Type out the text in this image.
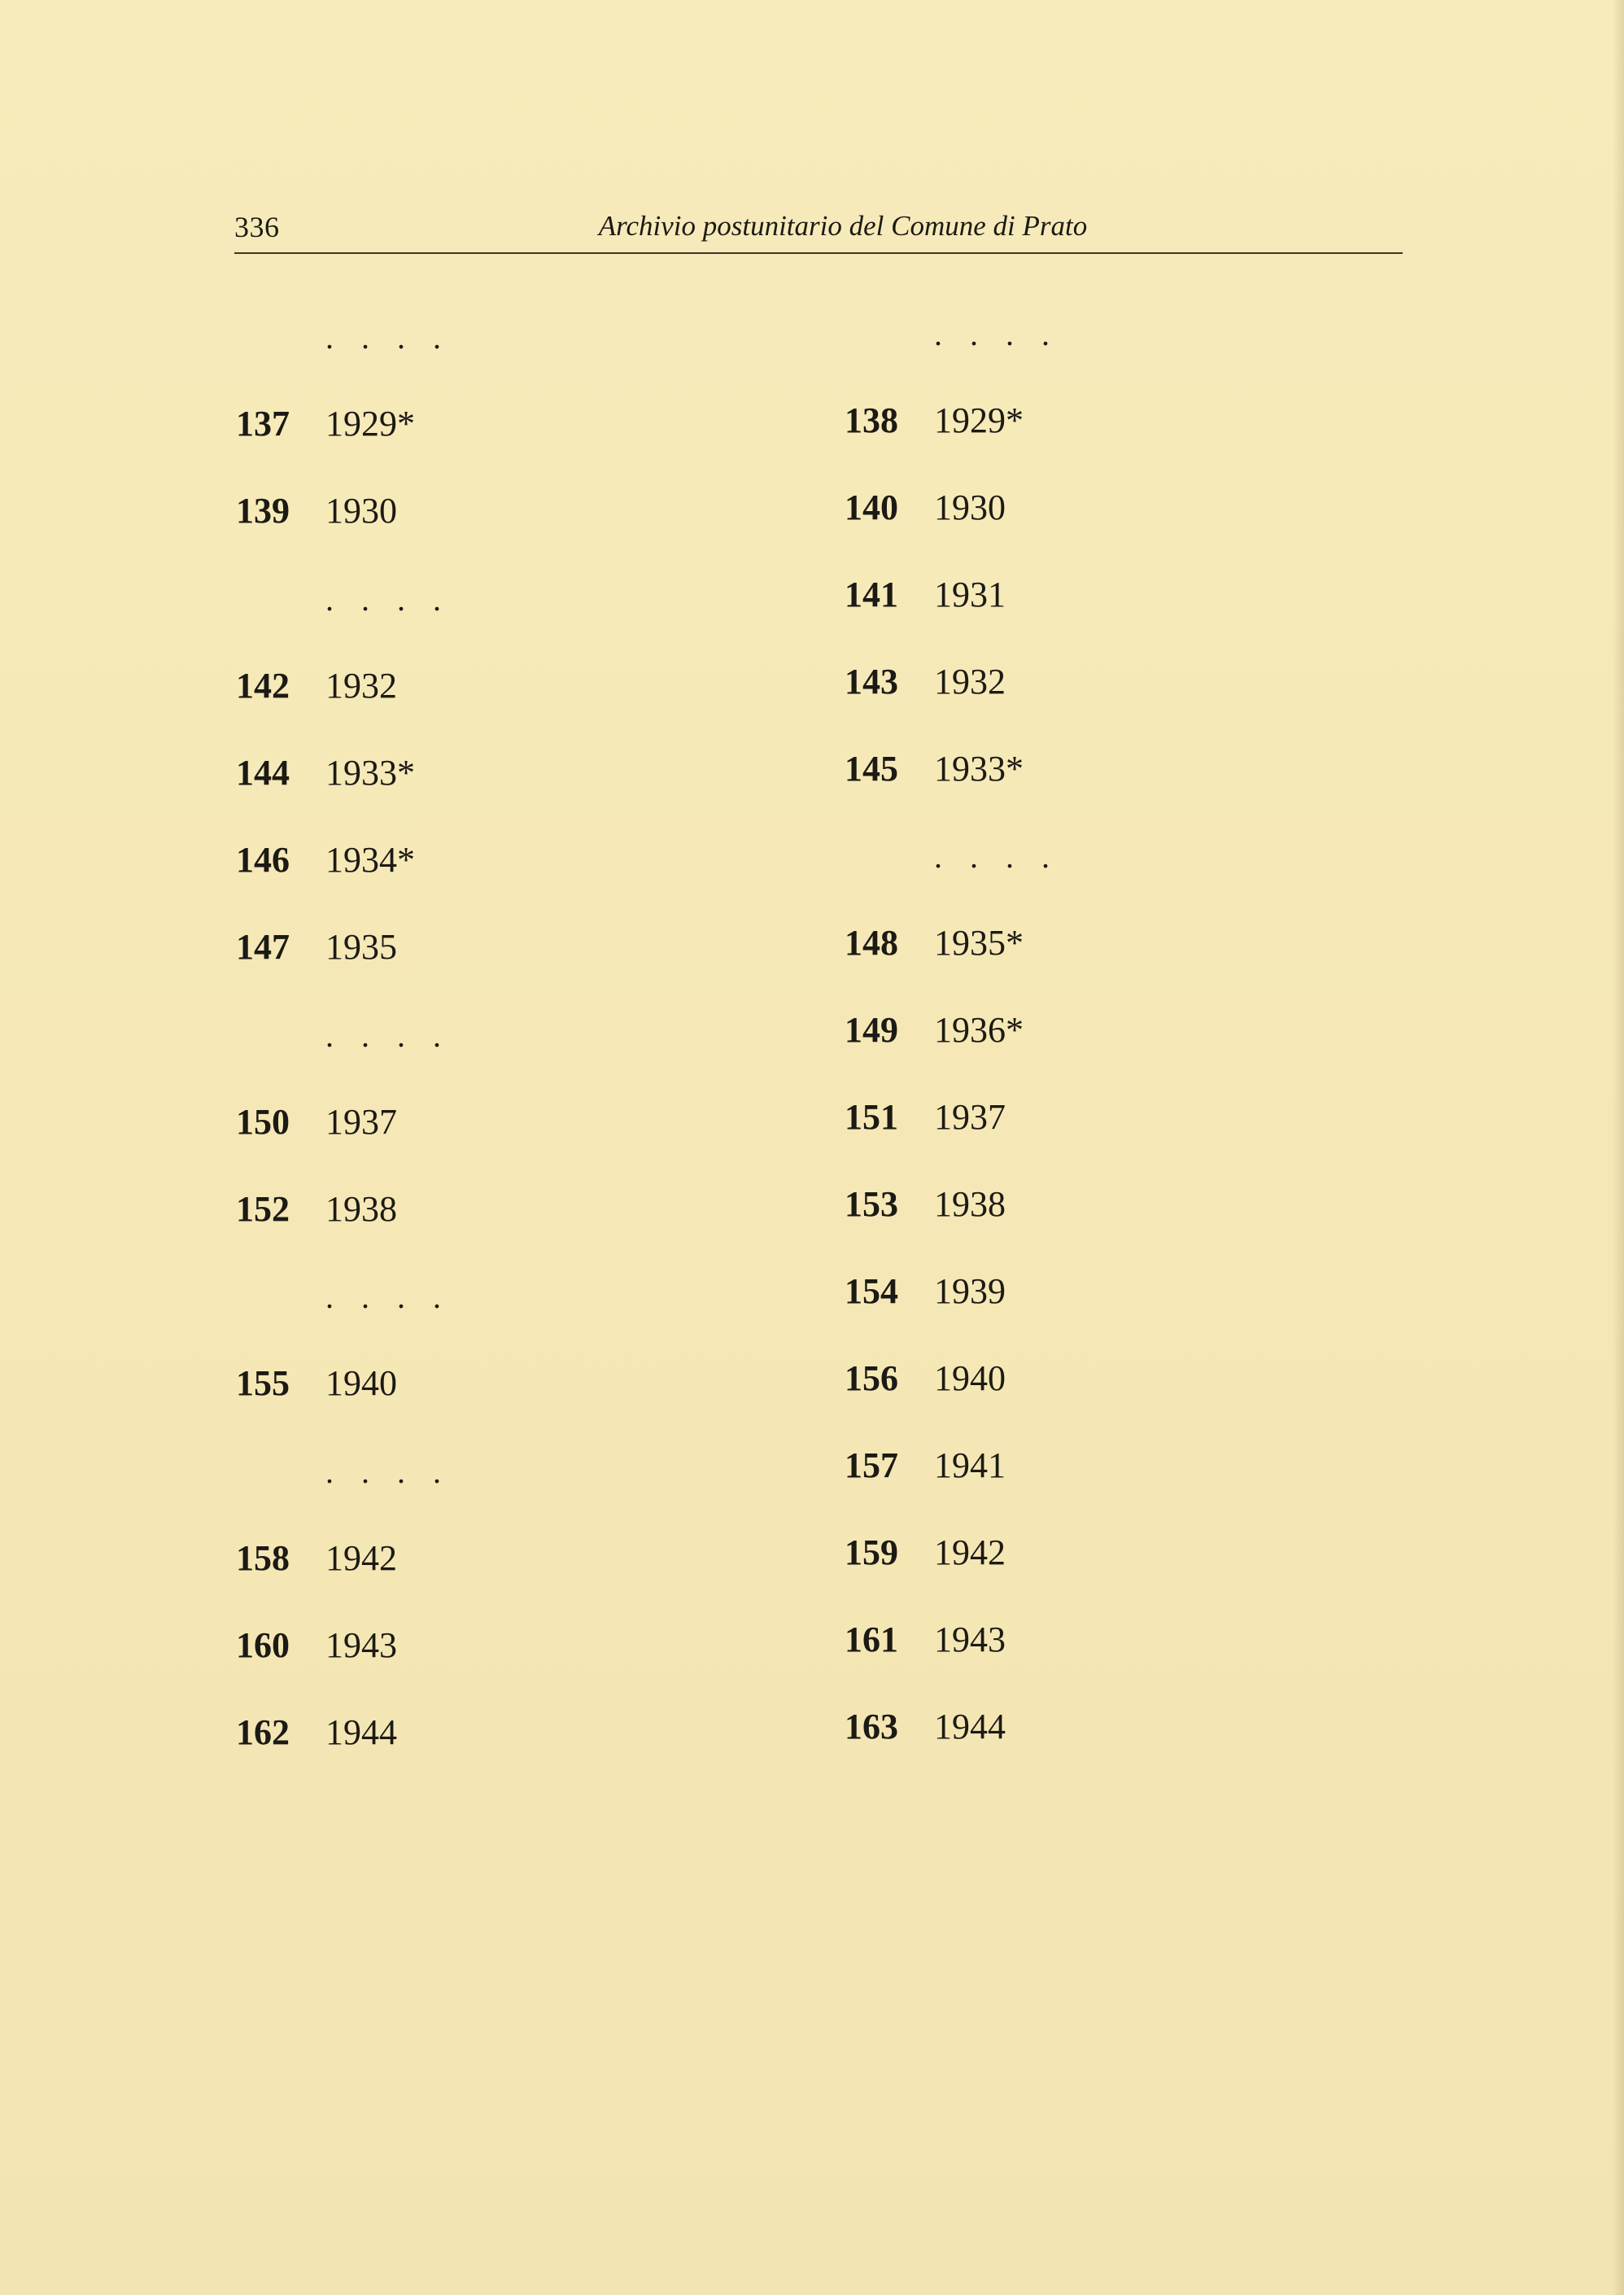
336	Archivio postunitario del Comune di Prato
. . . .
137 1929*
139 1930
. . . .
142 1932
144 1933*
146 1934*
147 1935
. . . .
150 1937
152 1938
. . . .
155 1940
. . . .
158 1942
160 1943
162 1944
. . . .
138 1929*
140 1930
141 1931
143 1932
145 1933*
. . . .
148 1935*
149 1936*
151 1937
153 1938
154 1939
156 1940
157 1941
159 1942
161 1943
163 1944
